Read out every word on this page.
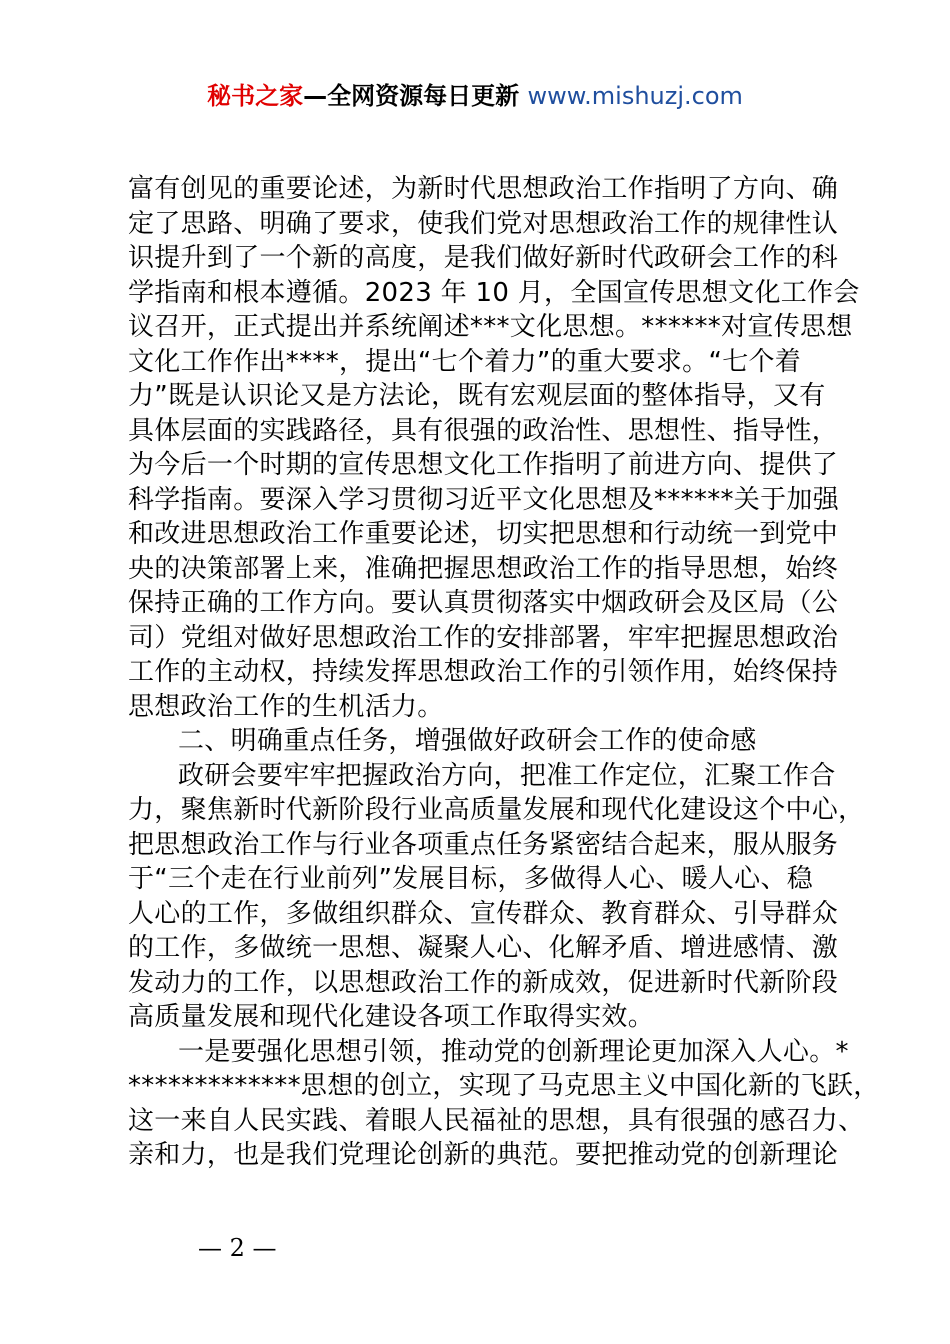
秘书之家—全网资源每日更新 www.mishuzj.com
富有创见的重要论述，为新时代思想政治工作指明了方向、确
定了思路、明确了要求，使我们党对思想政治工作的规律性认
识提升到了一个新的高度，是我们做好新时代政研会工作的科
学指南和根本遵循。2023 年 10 月，全国宣传思想文化工作会
议召开，正式提出并系统阐述***文化思想。******对宣传思想
文化工作作出****，提出“七个着力”的重大要求。“七个着
力”既是认识论又是方法论，既有宏观层面的整体指导，又有
具体层面的实践路径，具有很强的政治性、思想性、指导性，
为今后一个时期的宣传思想文化工作指明了前进方向、提供了
科学指南。要深入学习贯彻习近平文化思想及******关于加强
和改进思想政治工作重要论述，切实把思想和行动统一到党中
央的决策部署上来，准确把握思想政治工作的指导思想，始终
保持正确的工作方向。要认真贯彻落实中烟政研会及区局（公
司）党组对做好思想政治工作的安排部署，牢牢把握思想政治
工作的主动权，持续发挥思想政治工作的引领作用，始终保持
思想政治工作的生机活力。
二、明确重点任务，增强做好政研会工作的使命感
政研会要牢牢把握政治方向，把准工作定位，汇聚工作合
力，聚焦新时代新阶段行业高质量发展和现代化建设这个中心，
把思想政治工作与行业各项重点任务紧密结合起来，服从服务
于“三个走在行业前列”发展目标，多做得人心、暖人心、稳
人心的工作，多做组织群众、宣传群众、教育群众、引导群众
的工作，多做统一思想、凝聚人心、化解矛盾、增进感情、激
发动力的工作，以思想政治工作的新成效，促进新时代新阶段
高质量发展和现代化建设各项工作取得实效。
一是要强化思想引领，推动党的创新理论更加深入人心。*
*************思想的创立，实现了马克思主义中国化新的飞跃，
这一来自人民实践、着眼人民福祉的思想，具有很强的感召力、
亲和力，也是我们党理论创新的典范。要把推动党的创新理论
— 2 —
